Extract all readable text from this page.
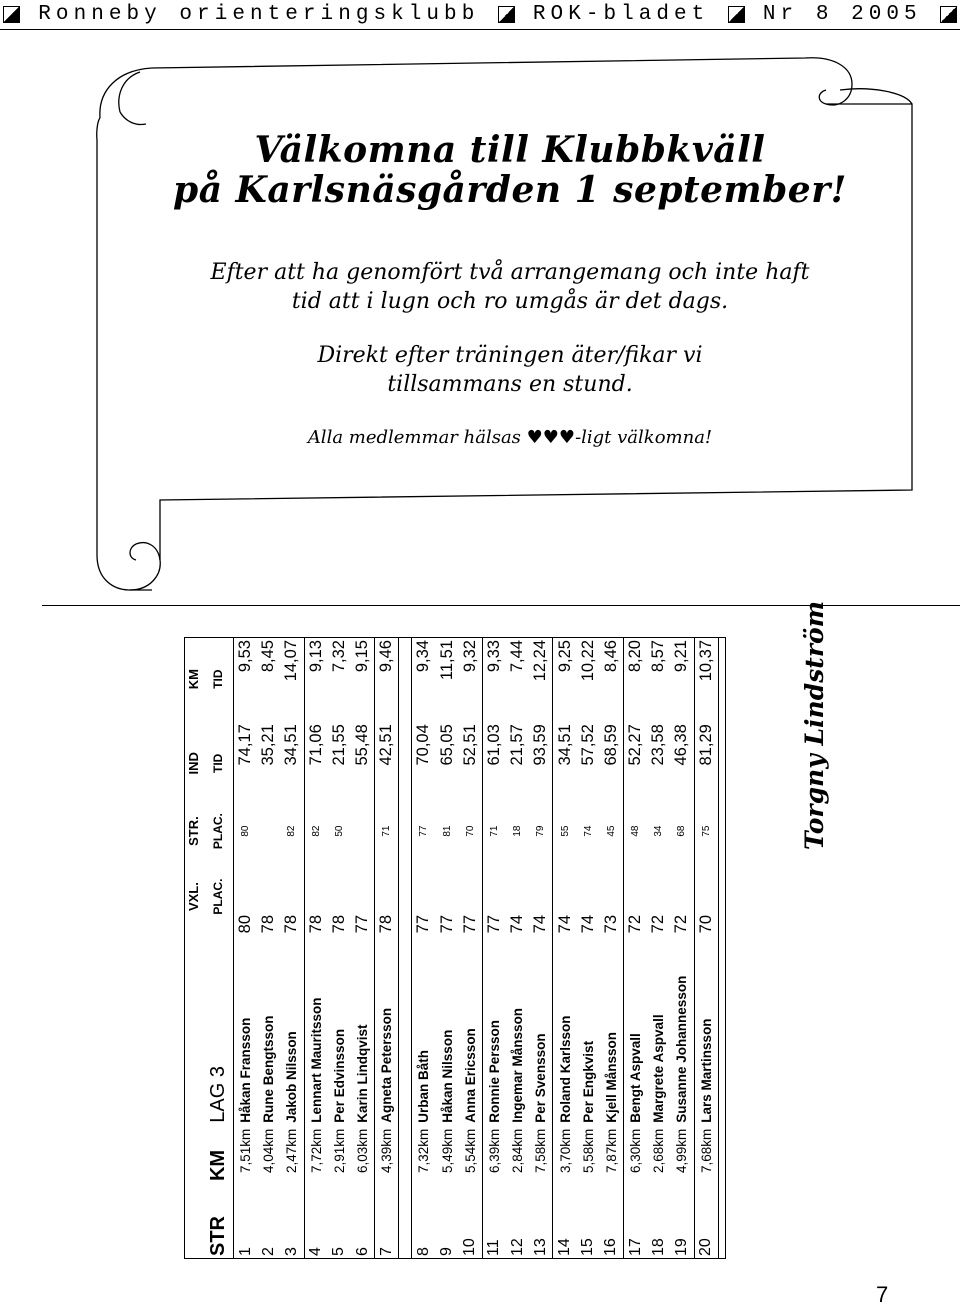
Ronneby orienteringsklubb	ROK-bladet	Nr 8 2005
Välkomna till Klubbkväll
på Karlsnäsgården 1 september!
Efter att ha genomfört två arrangemang och inte haft
tid att i lugn och ro umgås är det dags.
Direkt efter träningen äter/fikar vi
tillsammans en stund.
Alla medlemmar hälsas ♥♥♥-ligt välkomna!
			VXL.	STR.	IND	KM
STR	KM	LAG 3	PLAC.	PLAC.	TID	TID
1	7,51km	Håkan Fransson	80	80	74,17	9,53
2	4,04km	Rune Bengtsson	78		35,21	8,45
3	2,47km	Jakob Nilsson	78	82	34,51	14,07
4	7,72km	Lennart Mauritsson	78	82	71,06	9,13
5	2,91km	Per Edvinsson	78	50	21,55	7,32
6	6,03km	Karin Lindqvist	77		55,48	9,15
7	4,39km	Agneta Petersson	78	71	42,51	9,46

8	7,32km	Urban Båth	77	77	70,04	9,34
9	5,49km	Håkan Nilsson	77	81	65,05	11,51
10	5,54km	Anna Ericsson	77	70	52,51	9,32
11	6,39km	Ronnie Persson	77	71	61,03	9,33
12	2,84km	Ingemar Månsson	74	18	21,57	7,44
13	7,58km	Per Svensson	74	79	93,59	12,24
14	3,70km	Roland Karlsson	74	55	34,51	9,25
15	5,58km	Per Engkvist	74	74	57,52	10,22
16	7,87km	Kjell Månsson	73	45	68,59	8,46
17	6,30km	Bengt Aspvall	72	48	52,27	8,20
18	2,68km	Margrete Aspvall	72	34	23,58	8,57
19	4,99km	Susanne Johannesson	72	68	46,38	9,21
20	7,68km	Lars Martinsson	70	75	81,29	10,37	Torgny Lindström
7
